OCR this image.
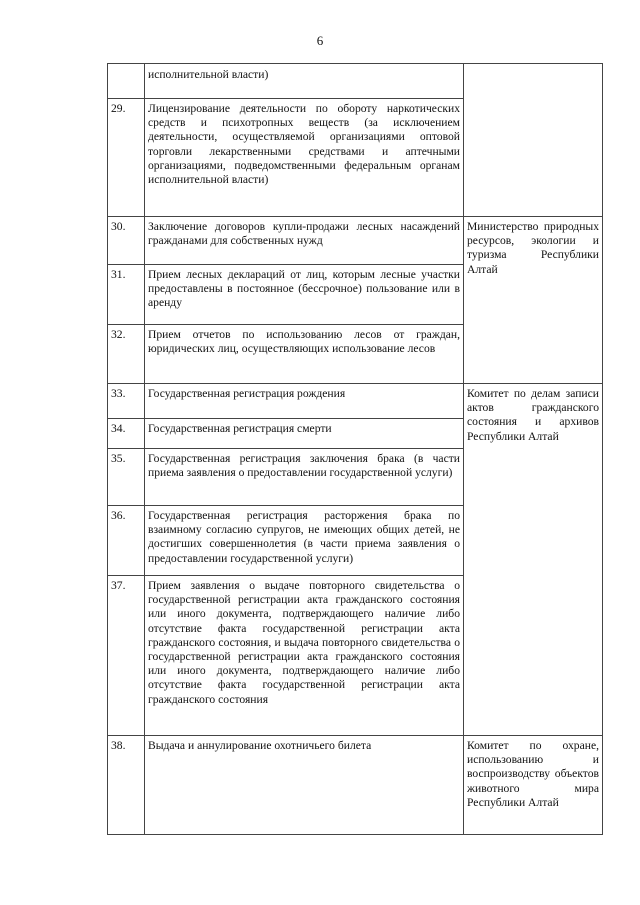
6
	исполнительной власти)	
29.	Лицензирование деятельности по обороту наркотических средств и психотропных веществ (за исключением деятельности, осуществляемой организациями оптовой торговли лекарственными средствами и аптечными организациями, подведомственными федеральным органам исполнительной власти)	
30.	Заключение договоров купли-продажи лесных насаждений гражданами для собственных нужд	Министерство природных ресурсов, экологии и туризма Республики Алтай
31.	Прием лесных деклараций от лиц, которым лесные участки предоставлены в постоянное (бессрочное) пользование или в аренду	
32.	Прием отчетов по использованию лесов от граждан, юридических лиц, осуществляющих использование лесов	
33.	Государственная регистрация рождения	Комитет по делам записи актов гражданского состояния и архивов Республики Алтай
34.	Государственная регистрация смерти	
35.	Государственная регистрация заключения брака (в части приема заявления о предоставлении государственной услуги)	
36.	Государственная регистрация расторжения брака по взаимному согласию супругов, не имеющих общих детей, не достигших совершеннолетия (в части приема заявления о предоставлении государственной услуги)	
37.	Прием заявления о выдаче повторного свидетельства о государственной регистрации акта гражданского состояния или иного документа, подтверждающего наличие либо отсутствие факта государственной регистрации акта гражданского состояния, и выдача повторного свидетельства о государственной регистрации акта гражданского состояния или иного документа, подтверждающего наличие либо отсутствие факта государственной регистрации акта гражданского состояния	
38.	Выдача и аннулирование охотничьего билета	Комитет по охране, использованию и воспроизводству объектов животного мира Республики Алтай
